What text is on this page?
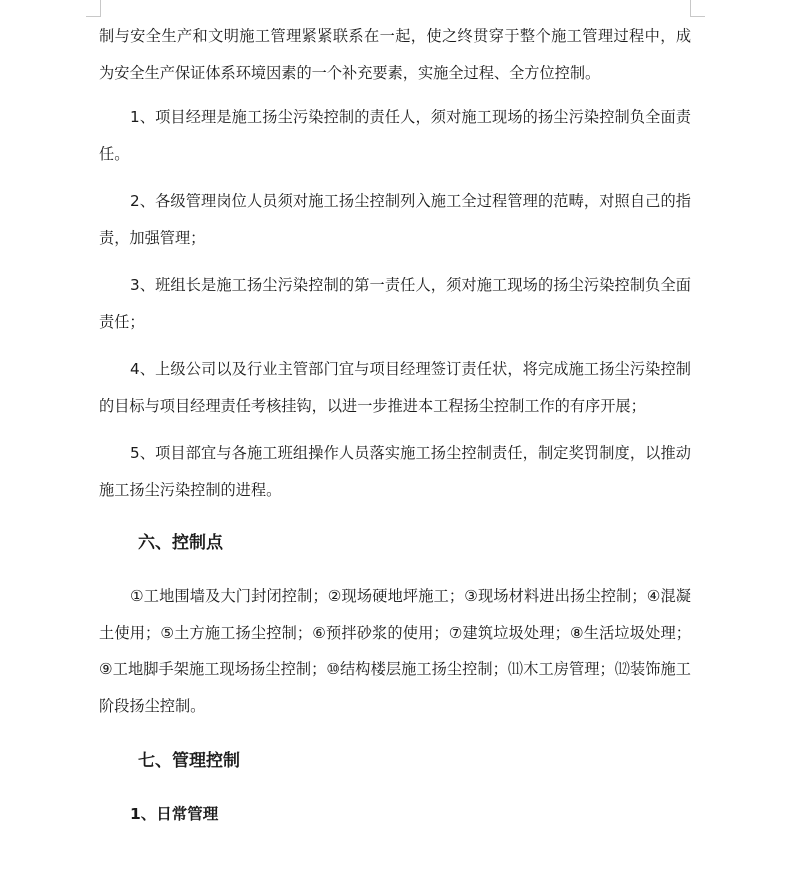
制与安全生产和文明施工管理紧紧联系在一起，使之终贯穿于整个施工管理过程中，成为安全生产保证体系环境因素的一个补充要素，实施全过程、全方位控制。

1、项目经理是施工扬尘污染控制的责任人，须对施工现场的扬尘污染控制负全面责任。

2、各级管理岗位人员须对施工扬尘控制列入施工全过程管理的范畴，对照自己的指责，加强管理；

3、班组长是施工扬尘污染控制的第一责任人，须对施工现场的扬尘污染控制负全面责任；

4、上级公司以及行业主管部门宜与项目经理签订责任状，将完成施工扬尘污染控制的目标与项目经理责任考核挂钩，以进一步推进本工程扬尘控制工作的有序开展；

5、项目部宜与各施工班组操作人员落实施工扬尘控制责任，制定奖罚制度，以推动施工扬尘污染控制的进程。

六、控制点

①工地围墙及大门封闭控制；②现场硬地坪施工；③现场材料进出扬尘控制；④混凝土使用；⑤土方施工扬尘控制；⑥预拌砂浆的使用；⑦建筑垃圾处理；⑧生活垃圾处理；⑨工地脚手架施工现场扬尘控制；⑩结构楼层施工扬尘控制；⑾木工房管理；⑿装饰施工阶段扬尘控制。

七、管理控制
1、日常管理
